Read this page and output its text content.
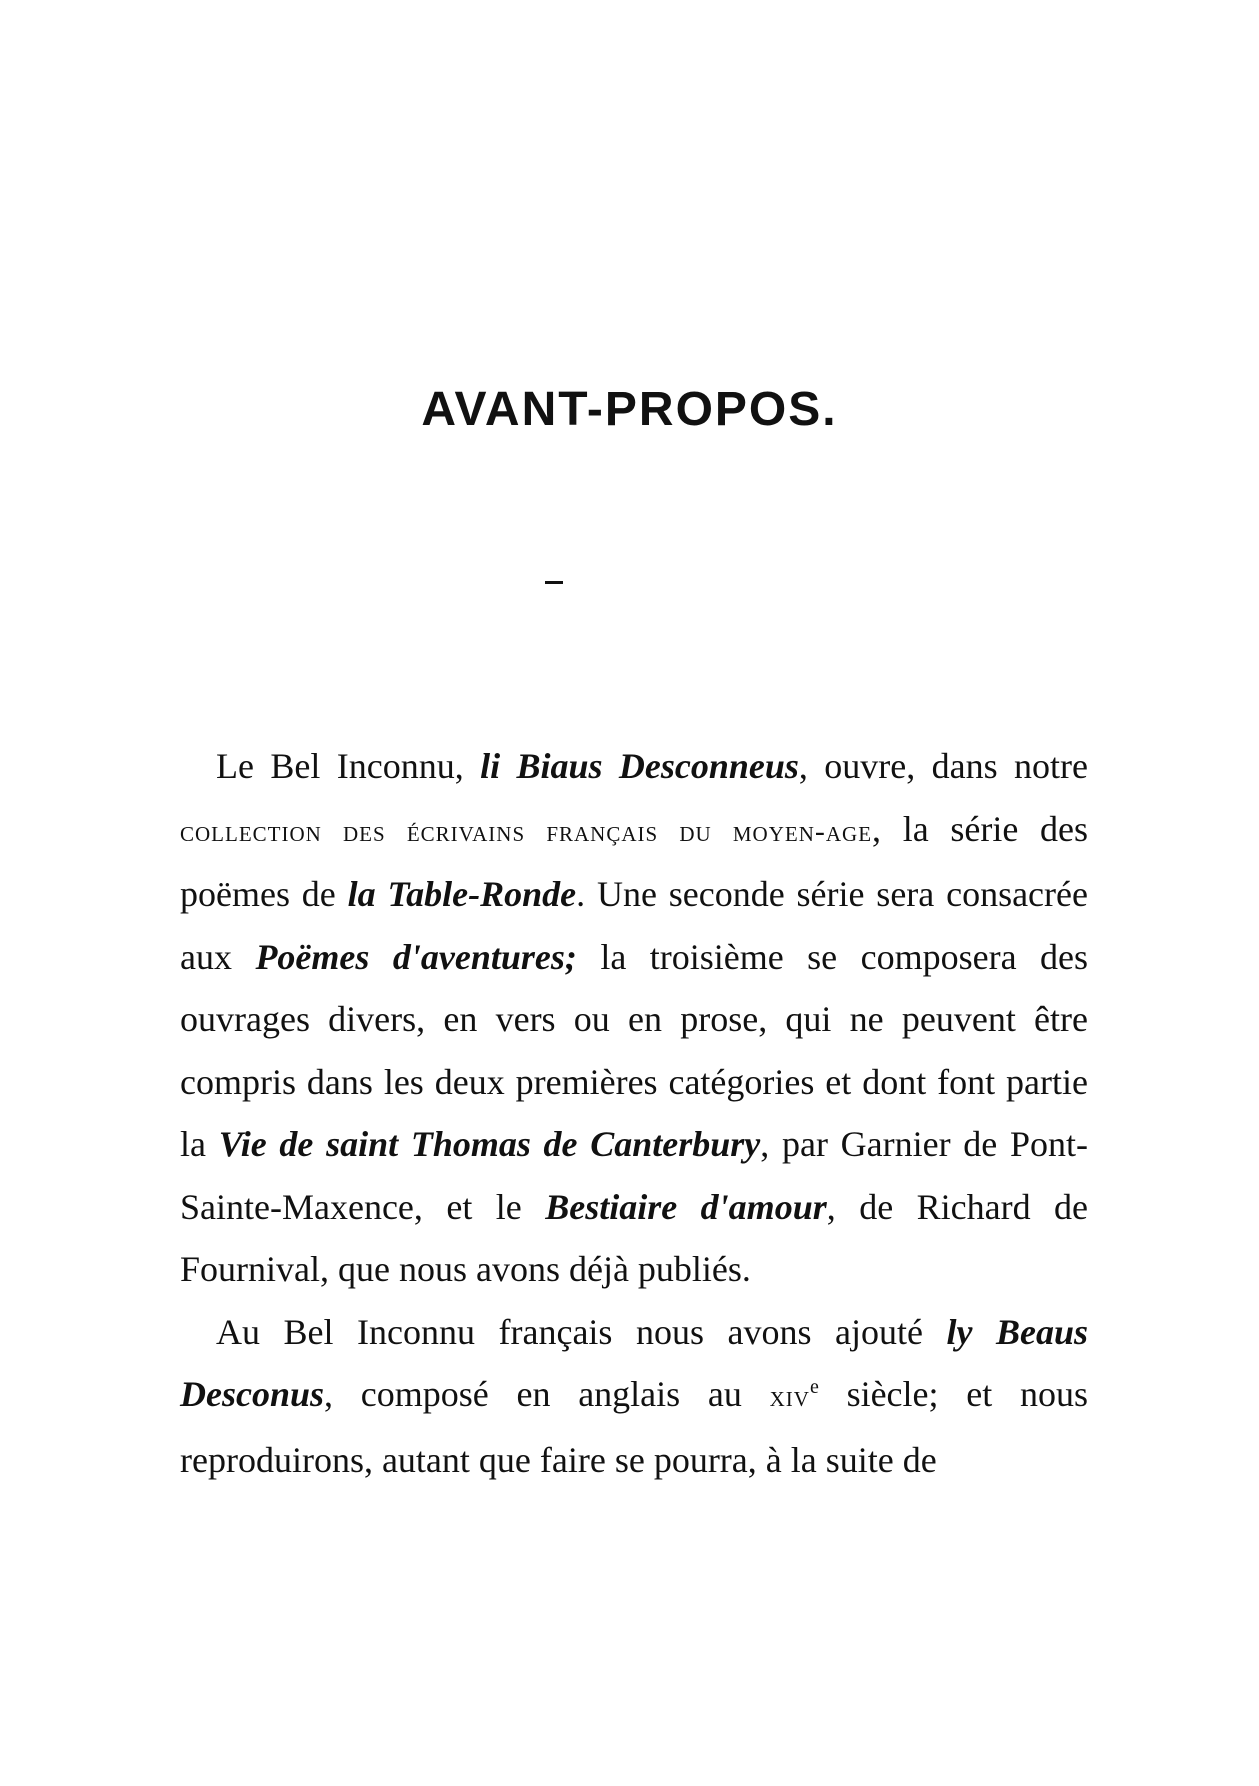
AVANT-PROPOS.

Le Bel Inconnu, li Biaus Desconneus, ouvre, dans notre collection des écrivains français du moyen-age, la série des poëmes de la Table-Ronde. Une seconde série sera consacrée aux Poëmes d'aventures; la troisième se composera des ouvrages divers, en vers ou en prose, qui ne peuvent être compris dans les deux premières catégories et dont font partie la Vie de saint Thomas de Canterbury, par Garnier de Pont-Sainte-Maxence, et le Bestiaire d'amour, de Richard de Fournival, que nous avons déjà publiés.

Au Bel Inconnu français nous avons ajouté ly Beaus Desconus, composé en anglais au xiv$^e$ siècle; et nous reproduirons, autant que faire se pourra, à la suite de
